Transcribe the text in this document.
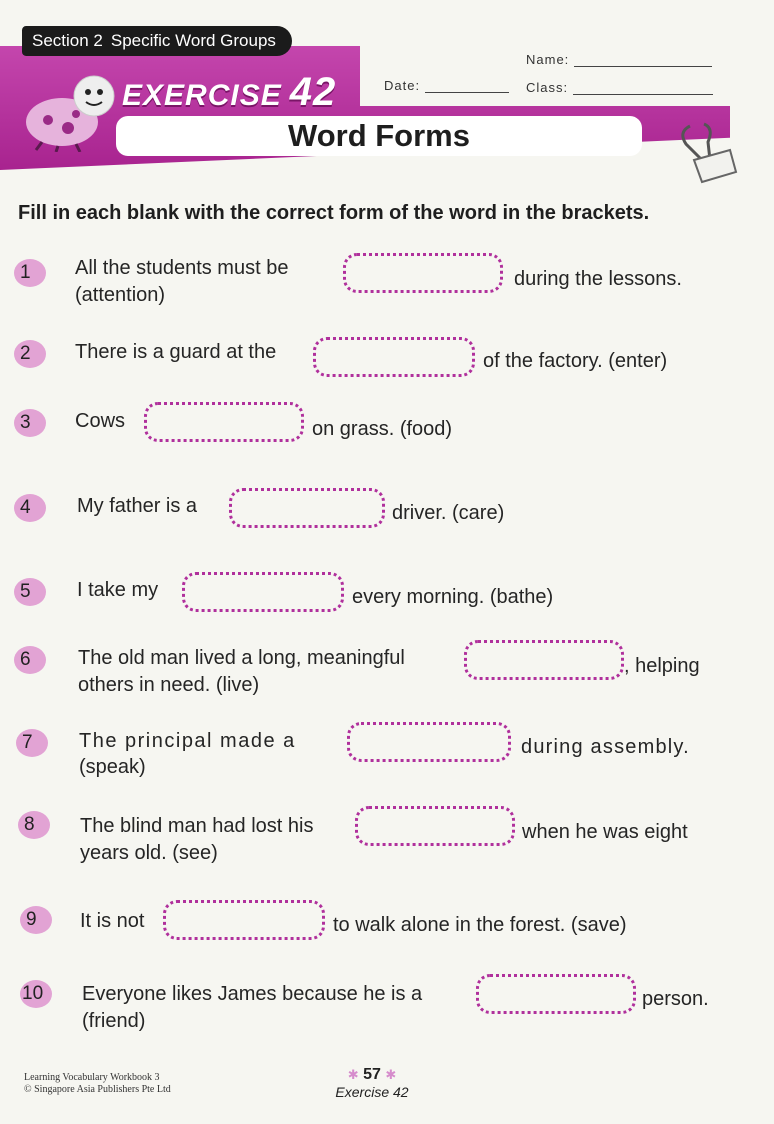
Section 2 Specific Word Groups
EXERCISE 42
Name:
Date:	Class:
Word Forms
Fill in each blank with the correct form of the word in the brackets.
1	All the students must be	during the lessons.
(attention)
2	There is a guard at the	of the factory. (enter)
3	Cows	on grass. (food)
4	My father is a	driver. (care)
5	I take my	every morning. (bathe)
6	The old man lived a long, meaningful	, helping
others in need. (live)
7	The principal made a	during assembly.
(speak)
8	The blind man had lost his	when he was eight
years old. (see)
9	It is not	to walk alone in the forest. (save)
10	Everyone likes James because he is a	person.
(friend)
Learning Vocabulary Workbook 3
© Singapore Asia Publishers Pte Ltd
✱ 57 ✱
Exercise 42
